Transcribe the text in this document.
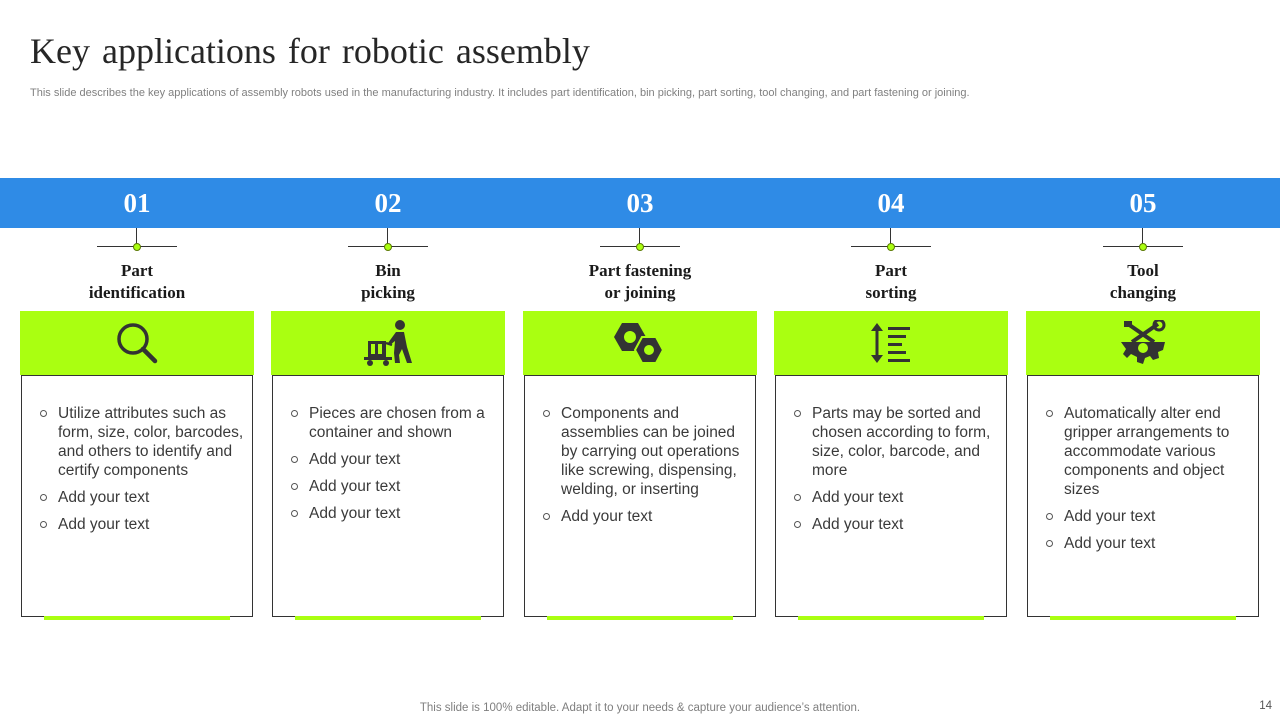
Key applications for robotic assembly

This slide describes the key applications of assembly robots used in the manufacturing industry. It includes part identification, bin picking, part sorting, tool changing, and part fastening or joining.

01
Part
identification
Utilize attributes such as form, size, color, barcodes, and others to identify and certify components
Add your text
Add your text
02
Bin
picking
Pieces are chosen from a container and shown
Add your text
Add your text
Add your text
03
Part fastening
or joining
Components and assemblies can be joined by carrying out operations like screwing, dispensing, welding, or inserting
Add your text
04
Part
sorting
Parts may be sorted and chosen according to form, size, color, barcode, and more
Add your text
Add your text
05
Tool
changing
Automatically alter end gripper arrangements to accommodate various components and object sizes
Add your text
Add your text
This slide is 100% editable. Adapt it to your needs & capture your audience’s attention.	14
